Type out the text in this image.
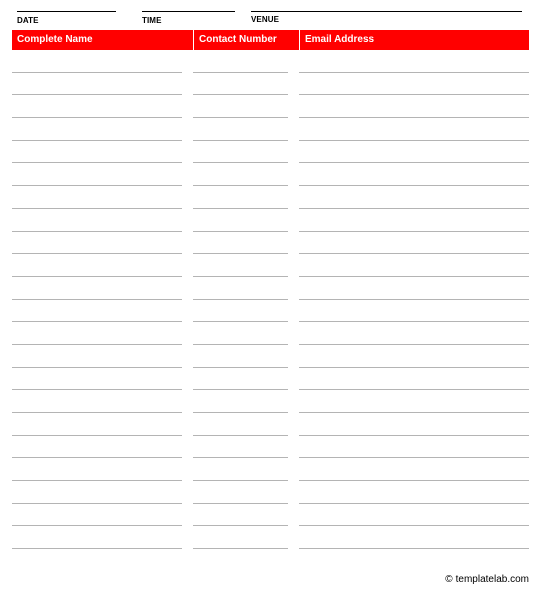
DATE	TIME	VENUE
Complete Name	Contact Number	Email Address
© templatelab.com
